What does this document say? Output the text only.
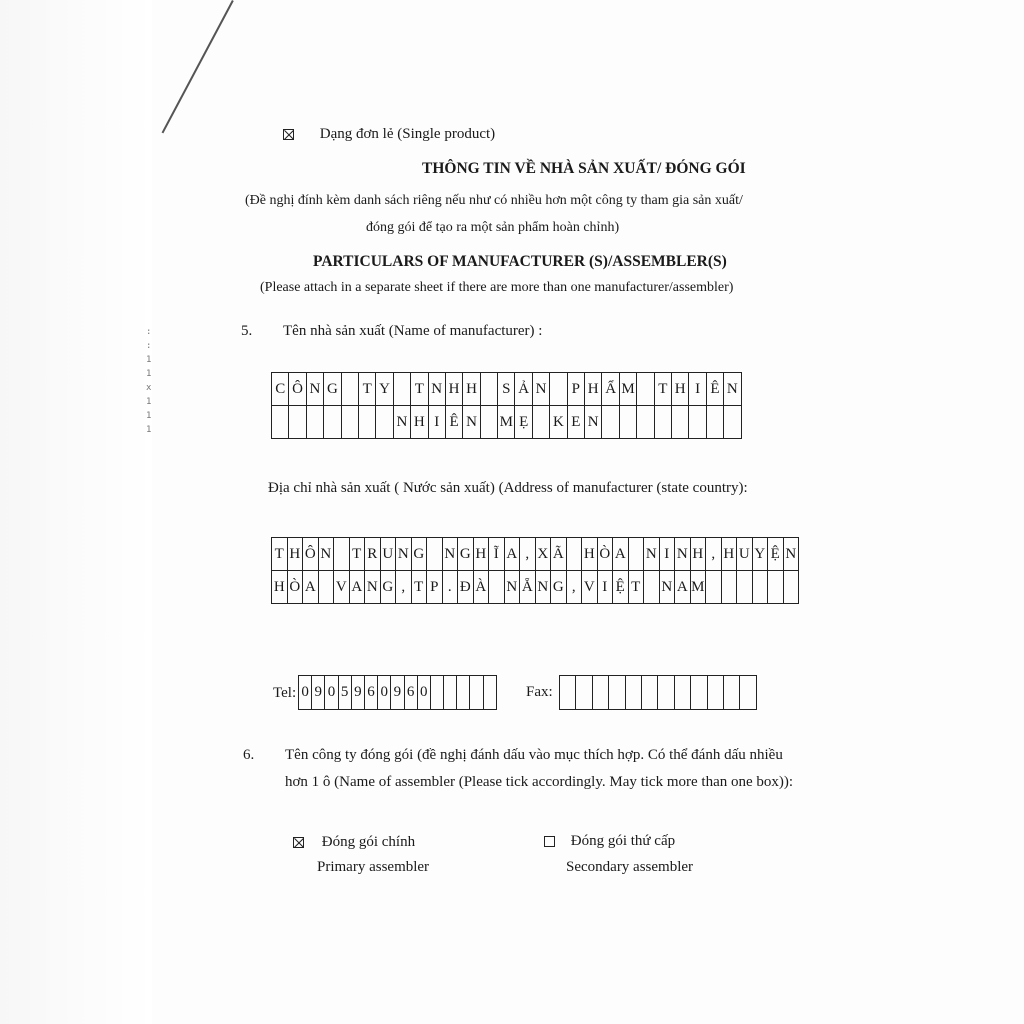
:
:
1
1
x
1
1
1
Dạng đơn lẻ (Single product)
THÔNG TIN VỀ NHÀ SẢN XUẤT/ ĐÓNG GÓI
(Đề nghị đính kèm danh sách riêng nếu như có nhiều hơn một công ty tham gia sản xuất/
đóng gói để tạo ra một sản phẩm hoàn chỉnh)
PARTICULARS OF MANUFACTURER (S)/ASSEMBLER(S)
(Please attach in a separate sheet if there are more than one manufacturer/assembler)
5. Tên nhà sản xuất (Name of manufacturer) :
C	Ô	N	G		T	Y		T	N	H	H		S	Ả	N		P	H	Ẩ	M		T	H	I	Ê	N
							N	H	I	Ê	N		M	Ẹ		K	E	N								
Địa chỉ nhà sản xuất ( Nước sản xuất) (Address of manufacturer (state country):
T	H	Ô	N		T	R	U	N	G		N	G	H	Ĩ	A	,	X	Ã		H	Ò	A		N	I	N	H	,	H	U	Y	Ệ	N
H	Ò	A		V	A	N	G	,	T	P	.	Đ	À		N	Ẵ	N	G	,	V	I	Ệ	T		N	A	M						
Tel: 0	9	0	5	9	6	0	9	6	0						Fax:

6. Tên công ty đóng gói (đề nghị đánh dấu vào mục thích hợp. Có thể đánh dấu nhiều
hơn 1 ô (Name of assembler (Please tick accordingly. May tick more than one box)):
Đóng gói chính
Primary assembler
Đóng gói thứ cấp
Secondary assembler
